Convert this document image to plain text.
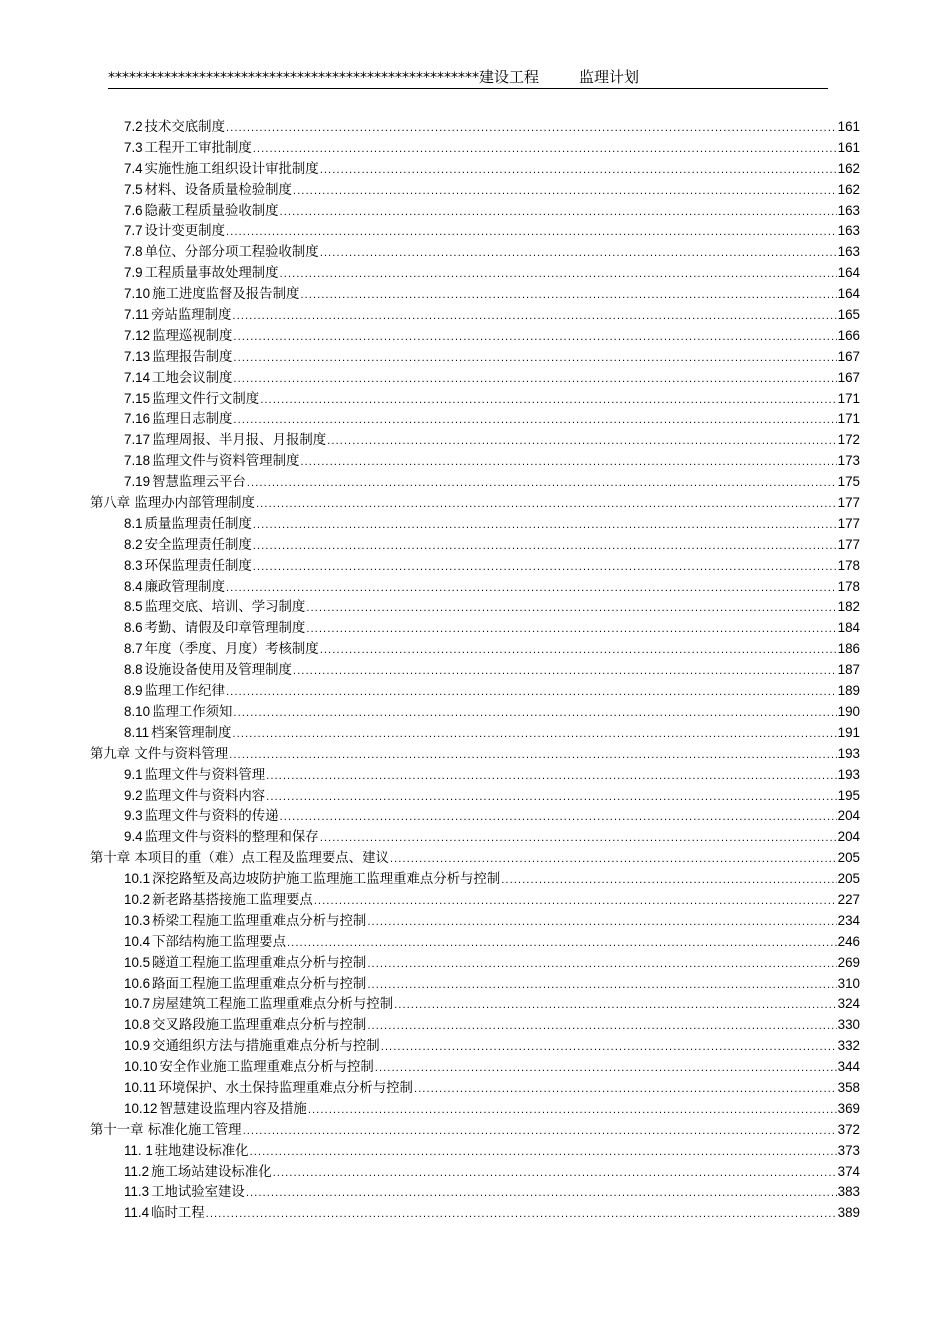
*****************************************************建设工程	监理计划
7.2 技术交底制度 .....	161
7.3 工程开工审批制度 .....	161
7.4 实施性施工组织设计审批制度 .....	162
7.5 材料、设备质量检验制度 .....	162
7.6 隐蔽工程质量验收制度 .....	163
7.7 设计变更制度 .....	163
7.8 单位、分部分项工程验收制度 .....	163
7.9 工程质量事故处理制度 .....	164
7.10 施工进度监督及报告制度 .....	164
7.11 旁站监理制度 .....	165
7.12 监理巡视制度 .....	166
7.13 监理报告制度 .....	167
7.14 工地会议制度 .....	167
7.15 监理文件行文制度 .....	171
7.16 监理日志制度 .....	171
7.17 监理周报、半月报、月报制度 .....	172
7.18 监理文件与资料管理制度 .....	173
7.19 智慧监理云平台 .....	175
第八章 监理办内部管理制度 .....	177
8.1 质量监理责任制度 .....	177
8.2 安全监理责任制度 .....	177
8.3 环保监理责任制度 .....	178
8.4 廉政管理制度 .....	178
8.5 监理交底、培训、学习制度 .....	182
8.6 考勤、请假及印章管理制度 .....	184
8.7 年度（季度、月度）考核制度 .....	186
8.8 设施设备使用及管理制度 .....	187
8.9 监理工作纪律 .....	189
8.10 监理工作须知 .....	190
8.11 档案管理制度 .....	191
第九章 文件与资料管理 .....	193
9.1 监理文件与资料管理 .....	193
9.2 监理文件与资料内容 .....	195
9.3 监理文件与资料的传递 .....	204
9.4 监理文件与资料的整理和保存 .....	204
第十章 本项目的重（难）点工程及监理要点、建议 .....	205
10.1 深挖路堑及高边坡防护施工监理施工监理重难点分析与控制 .....	205
10.2 新老路基搭接施工监理要点 .....	227
10.3 桥梁工程施工监理重难点分析与控制 .....	234
10.4 下部结构施工监理要点 .....	246
10.5 隧道工程施工监理重难点分析与控制 .....	269
10.6 路面工程施工监理重难点分析与控制 .....	310
10.7 房屋建筑工程施工监理重难点分析与控制 .....	324
10.8 交叉路段施工监理重难点分析与控制 .....	330
10.9 交通组织方法与措施重难点分析与控制 .....	332
10.10 安全作业施工监理重难点分析与控制 .....	344
10.11 环境保护、水土保持监理重难点分析与控制 .....	358
10.12 智慧建设监理内容及措施 .....	369
第十一章 标准化施工管理 .....	372
11. 1 驻地建设标准化 .....	373
11.2 施工场站建设标准化 .....	374
11.3 工地试验室建设 .....	383
11.4 临时工程 .....	389
